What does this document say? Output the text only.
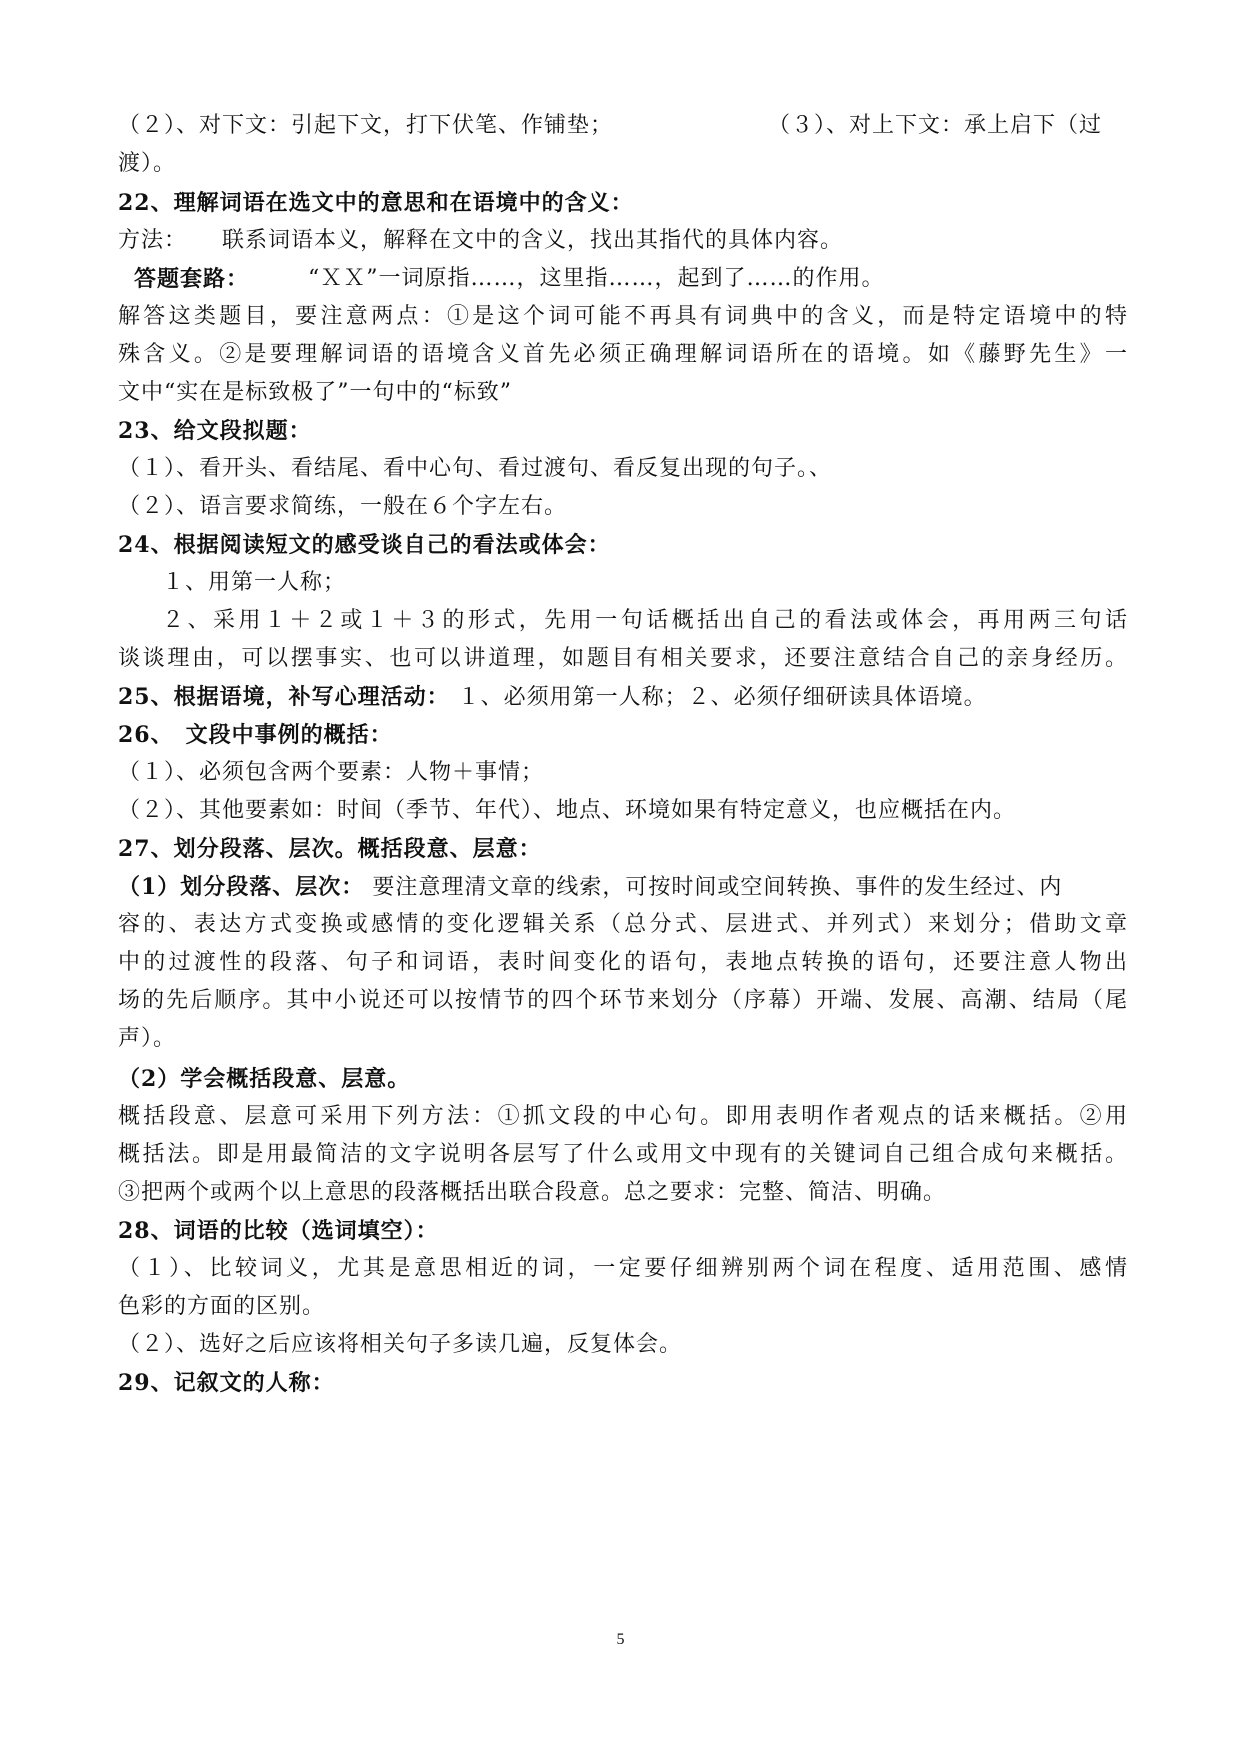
（２）、对下文：引起下文，打下伏笔、作铺垫；	（３）、对上下文：承上启下（过
渡）。
22、理解词语在选文中的意思和在语境中的含义：
方法：　　联系词语本义，解释在文中的含义，找出其指代的具体内容。
答题套路：	“ＸＸ”一词原指……，这里指……，起到了……的作用。
解答这类题目，要注意两点：①是这个词可能不再具有词典中的含义，而是特定语境中的特
殊含义。②是要理解词语的语境含义首先必须正确理解词语所在的语境。如《藤野先生》一
文中“实在是标致极了”一句中的“标致”
23、给文段拟题：
（１）、看开头、看结尾、看中心句、看过渡句、看反复出现的句子。、
（２）、语言要求简练，一般在６个字左右。
24、根据阅读短文的感受谈自己的看法或体会：
１、用第一人称；
２、采用１＋２或１＋３的形式，先用一句话概括出自己的看法或体会，再用两三句话
谈谈理由，可以摆事实、也可以讲道理，如题目有相关要求，还要注意结合自己的亲身经历。
25、根据语境，补写心理活动： １、必须用第一人称；２、必须仔细研读具体语境。
26、　文段中事例的概括：
（１）、必须包含两个要素：人物＋事情；
（２）、其他要素如：时间（季节、年代）、地点、环境如果有特定意义，也应概括在内。
27、划分段落、层次。概括段意、层意：
（1）划分段落、层次： 要注意理清文章的线索，可按时间或空间转换、事件的发生经过、内
容的、表达方式变换或感情的变化逻辑关系（总分式、层进式、并列式）来划分；借助文章
中的过渡性的段落、句子和词语，表时间变化的语句，表地点转换的语句，还要注意人物出
场的先后顺序。其中小说还可以按情节的四个环节来划分（序幕）开端、发展、高潮、结局（尾
声）。
（2）学会概括段意、层意。
概括段意、层意可采用下列方法：①抓文段的中心句。即用表明作者观点的话来概括。②用
概括法。即是用最简洁的文字说明各层写了什么或用文中现有的关键词自己组合成句来概括。
③把两个或两个以上意思的段落概括出联合段意。总之要求：完整、简洁、明确。
28、词语的比较（选词填空）：
（１）、比较词义，尤其是意思相近的词，一定要仔细辨别两个词在程度、适用范围、感情
色彩的方面的区别。
（２）、选好之后应该将相关句子多读几遍，反复体会。
29、记叙文的人称：
5
